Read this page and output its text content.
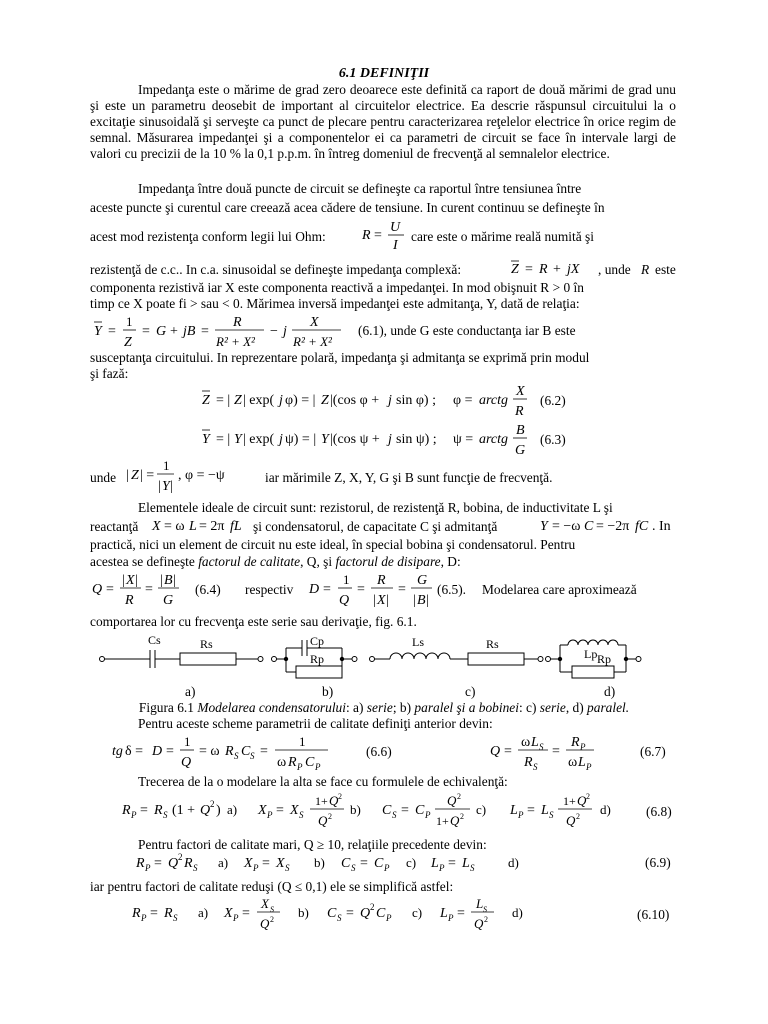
6.1 DEFINIŢII
Impedanţa este o mărime de grad zero deoarece este definită ca raport de două mărimi de grad unu şi este un parametru deosebit de important al circuitelor electrice. Ea descrie răspunsul circuitului la o excitaţie sinusoidală şi serveşte ca punct de plecare pentru caracterizarea reţelelor electrice în orice regim de semnal. Măsurarea impedanţei şi a componentelor ei ca parametri de circuit se face în intervale largi de valori cu precizii de la 10 % la 0,1 p.p.m. în întreg domeniul de frecvenţă al semnalelor electrice.
Impedanţa între două puncte de circuit se defineşte ca raportul între tensiunea între
aceste puncte şi curentul care creează acea cădere de tensiune. In curent continuu se defineşte în
acest mod rezistenţa conform legii lui Ohm:	R =
U
I
care este o mărime reală numită şi
rezistenţă de c.c.. In c.a. sinusoidal se defineşte impedanţa complexă:	Z = R + jX , unde R este
componenta rezistivă iar X este componenta reactivă a impedanţei. In mod obişnuit R > 0 în
timp ce X poate fi > sau < 0. Mărimea inversă impedanţei este admitanţa, Y, dată de relaţia:
Y =
1
Z
= G + jB =
R
R² + X²
− j
X
R² + X²
(6.1), unde G este conductanţa iar B este
susceptanţa circuitului. In reprezentare polară, impedanţa şi admitanţa se exprimă prin modul
şi fază:
Z = | Z | exp( j φ) = | Z |(cos φ + j sin φ) ; φ = arctg
X
R
(6.2)
Y = | Y | exp( j ψ) = | Y |(cos ψ + j sin ψ) ; ψ = arctg
B
G
(6.3)
unde | Z | =
1
| Y |
, φ = −ψ	iar mărimile Z, X, Y, G şi B sunt funcţie de frecvenţă.
Elementele ideale de circuit sunt: rezistorul, de rezistenţă R, bobina, de inductivitate L şi
reactanţă X = ω L = 2π fL şi condensatorul, de capacitate C şi admitanţă	Y = −ω C = −2π fC . In
practică, nici un element de circuit nu este ideal, în special bobina şi condensatorul. Pentru
acestea se defineşte factorul de calitate, Q, şi factorul de disipare, D:
Q =
| X |
R
=
| B |
G
(6.4) respectiv D =
1
Q
=
R
| X |
=
G
| B |
(6.5). Modelarea care aproximează
comportarea lor cu frecvenţa este serie sau derivaţie, fig. 6.1.
Cs	Rs	Cp
Rp
Ls	Rs
Lp Rp
a)	b)	c)	d)
Figura 6.1 Modelarea condensatorului: a) serie; b) paralel şi a bobinei: c) serie, d) paralel.
Pentru aceste scheme parametrii de calitate definiţi anterior devin:
tg δ = D =
1
Q
= ω R S C S =
1
ω R P C P
(6.6)	Q =
ω L S
R S
=
R P
ω L P
(6.7)
Trecerea de la o modelare la alta se face cu formulele de echivalenţă:
R P = R S (1 + Q 2 ) a) X P = X S
1+ Q 2
Q 2 b) C S = C P
Q 2
1+ Q 2 c) L P = L S
1+ Q 2
Q 2 d)	(6.8)
Pentru factori de calitate mari, Q ≥ 10, relaţiile precedente devin:
R P = Q 2 R S a) X P = X S b) C S = C P c) L P = L S	d)	(6.9)
iar pentru factori de calitate reduşi (Q ≤ 0,1) ele se simplifică astfel:
R P = R S a) X P =
X S
Q 2 b) C S = Q 2 C P c) L P =
L S
Q 2 d)	(6.10)
